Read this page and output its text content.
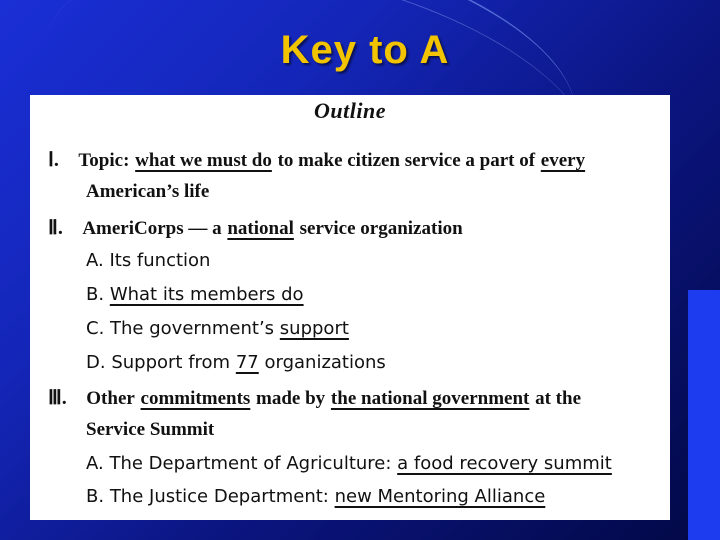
Key to A
Outline
Ⅰ. Topic: what we must do to make citizen service a part of every
American’s life
Ⅱ. AmeriCorps — a national service organization
A. Its function
B. What its members do
C. The government’s support
D. Support from 77 organizations
Ⅲ. Other commitments made by the national government at the
Service Summit
A. The Department of Agriculture: a food recovery summit
B. The Justice Department: new Mentoring Alliance
